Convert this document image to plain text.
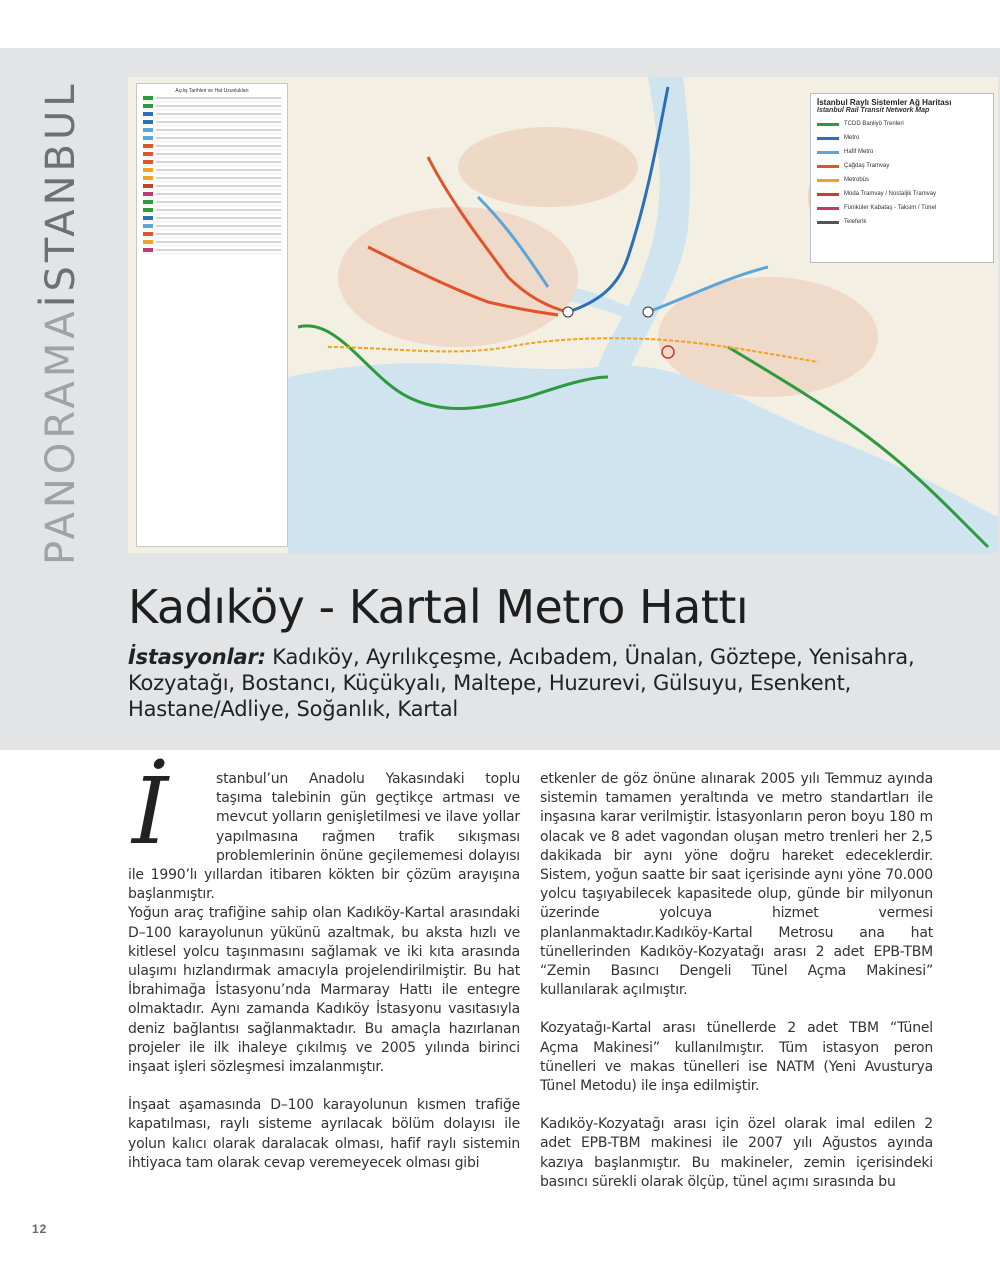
PANORAMAİSTANBUL	Açılış Tarihleri ve Hat Uzunlukları
İstanbul Raylı Sistemler Ağ Haritası
Istanbul Rail Transit Network Map
TCDD Banliyö Trenleri
Metro
Hafif Metro
Çağdaş Tramvay
Metrobüs
Moda Tramvay / Nostaljik Tramvay
Füniküler Kabataş - Taksim / Tünel
Teleferik
Kadıköy - Kartal Metro Hattı
İstasyonlar: Kadıköy, Ayrılıkçeşme, Acıbadem, Ünalan, Göztepe, Yenisahra, Kozyatağı, Bostancı, Küçükyalı, Maltepe, Huzurevi, Gülsuyu, Esenkent, Hastane/Adliye, Soğanlık, Kartal

İ	stanbul’un Anadolu Yakasındaki toplu taşıma talebinin gün geçtikçe artması ve mevcut yolların genişletilmesi ve ilave yollar yapılmasına rağmen trafik sıkışması problemlerinin önüne geçilememesi dolayısı ile 1990’lı yıllardan itibaren kökten bir çözüm arayışına başlanmıştır.

Yoğun araç trafiğine sahip olan Kadıköy-Kartal arasındaki D–100 karayolunun yükünü azaltmak, bu aksta hızlı ve kitlesel yolcu taşınmasını sağlamak ve iki kıta arasında ulaşımı hızlandırmak amacıyla projelendirilmiştir. Bu hat İbrahimağa İstasyonu’nda Marmaray Hattı ile entegre olmaktadır. Aynı zamanda Kadıköy İstasyonu vasıtasıyla deniz bağlantısı sağlanmaktadır. Bu amaçla hazırlanan projeler ile ilk ihaleye çıkılmış ve 2005 yılında birinci inşaat işleri sözleşmesi imzalanmıştır.

İnşaat aşamasında D–100 karayolunun kısmen trafiğe kapatılması, raylı sisteme ayrılacak bölüm dolayısı ile yolun kalıcı olarak daralacak olması, hafif raylı sistemin ihtiyaca tam olarak cevap veremeyecek olması gibi

etkenler de göz önüne alınarak 2005 yılı Temmuz ayında sistemin tamamen yeraltında ve metro standartları ile inşasına karar verilmiştir. İstasyonların peron boyu 180 m olacak ve 8 adet vagondan oluşan metro trenleri her 2,5 dakikada bir aynı yöne doğru hareket edeceklerdir. Sistem, yoğun saatte bir saat içerisinde aynı yöne 70.000 yolcu taşıyabilecek kapasitede olup, günde bir milyonun üzerinde yolcuya hizmet vermesi planlanmaktadır.Kadıköy-Kartal Metrosu ana hat tünellerinden Kadıköy-Kozyatağı arası 2 adet EPB-TBM “Zemin Basıncı Dengeli Tünel Açma Makinesi” kullanılarak açılmıştır.

Kozyatağı-Kartal arası tünellerde 2 adet TBM “Tünel Açma Makinesi” kullanılmıştır. Tüm istasyon peron tünelleri ve makas tünelleri ise NATM (Yeni Avusturya Tünel Metodu) ile inşa edilmiştir.

Kadıköy-Kozyatağı arası için özel olarak imal edilen 2 adet EPB-TBM makinesi ile 2007 yılı Ağustos ayında kazıya başlanmıştır. Bu makineler, zemin içerisindeki basıncı sürekli olarak ölçüp, tünel açımı sırasında bu

12
